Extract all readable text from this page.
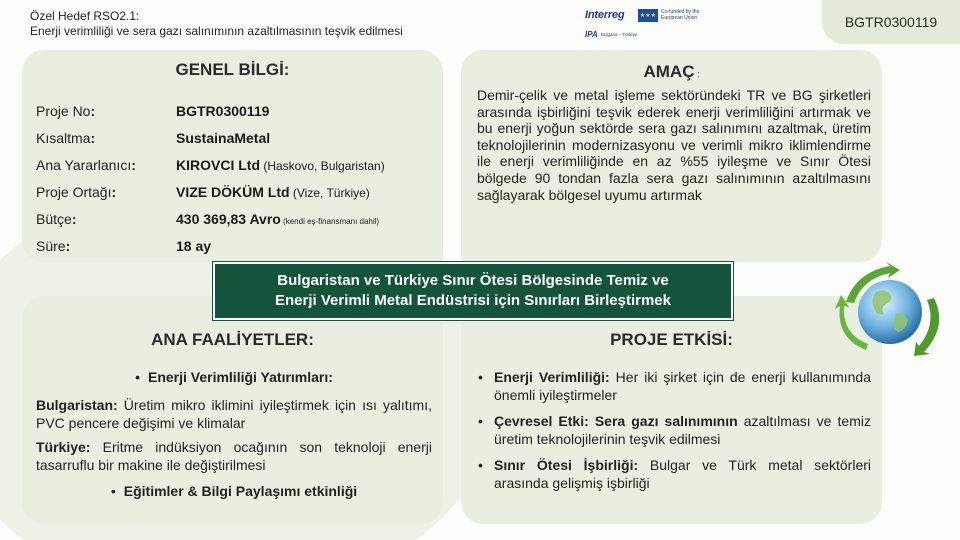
Özel Hedef RSO2.1:
Enerji verimliliği ve sera gazı salınımının azaltılmasının teşvik edilmesi
Interreg	★★★
Co-funded by the European Union
IPA Bulgaria – Türkiye
BGTR0300119
GENEL BİLGİ:
Proje No:	BGTR0300119
Kısaltma:	SustainaMetal
Ana Yararlanıcı:	KIROVCI Ltd (Haskovo, Bulgaristan)
Proje Ortağı:	VIZE DÖKÜM Ltd (Vize, Türkiye)
Bütçe:	430 369,83 Avro (kendi eş-finansmanı dahil)
Süre:	18 ay
AMAÇ :
Demir-çelik ve metal işleme sektöründeki TR ve BG şirketleri arasında işbirliğini teşvik ederek enerji verimliliğini artırmak ve bu enerji yoğun sektörde sera gazı salınımını azaltmak, üretim teknolojilerinin modernizasyonu ve verimli mikro iklimlendirme ile enerji verimliliğinde en az %55 iyileşme ve Sınır Ötesi bölgede 90 tondan fazla sera gazı salınımının azaltılmasını sağlayarak bölgesel uyumu artırmak
ANA FAALİYETLER:
• Enerji Verimliliği Yatırımları:
Bulgaristan: Üretim mikro iklimini iyileştirmek için ısı yalıtımı, PVC pencere değişimi ve klimalar
Türkiye: Eritme indüksiyon ocağının son teknoloji enerji tasarruflu bir makine ile değiştirilmesi
• Eğitimler & Bilgi Paylaşımı etkinliği
PROJE ETKİSİ:
• Enerji Verimliliği: Her iki şirket için de enerji kullanımında önemli iyileştirmeler
• Çevresel Etki: Sera gazı salınımının azaltılması ve temiz üretim teknolojilerinin teşvik edilmesi
• Sınır Ötesi İşbirliği: Bulgar ve Türk metal sektörleri arasında gelişmiş işbirliği
Bulgaristan ve Türkiye Sınır Ötesi Bölgesinde Temiz ve
Enerji Verimli Metal Endüstrisi için Sınırları Birleştirmek
